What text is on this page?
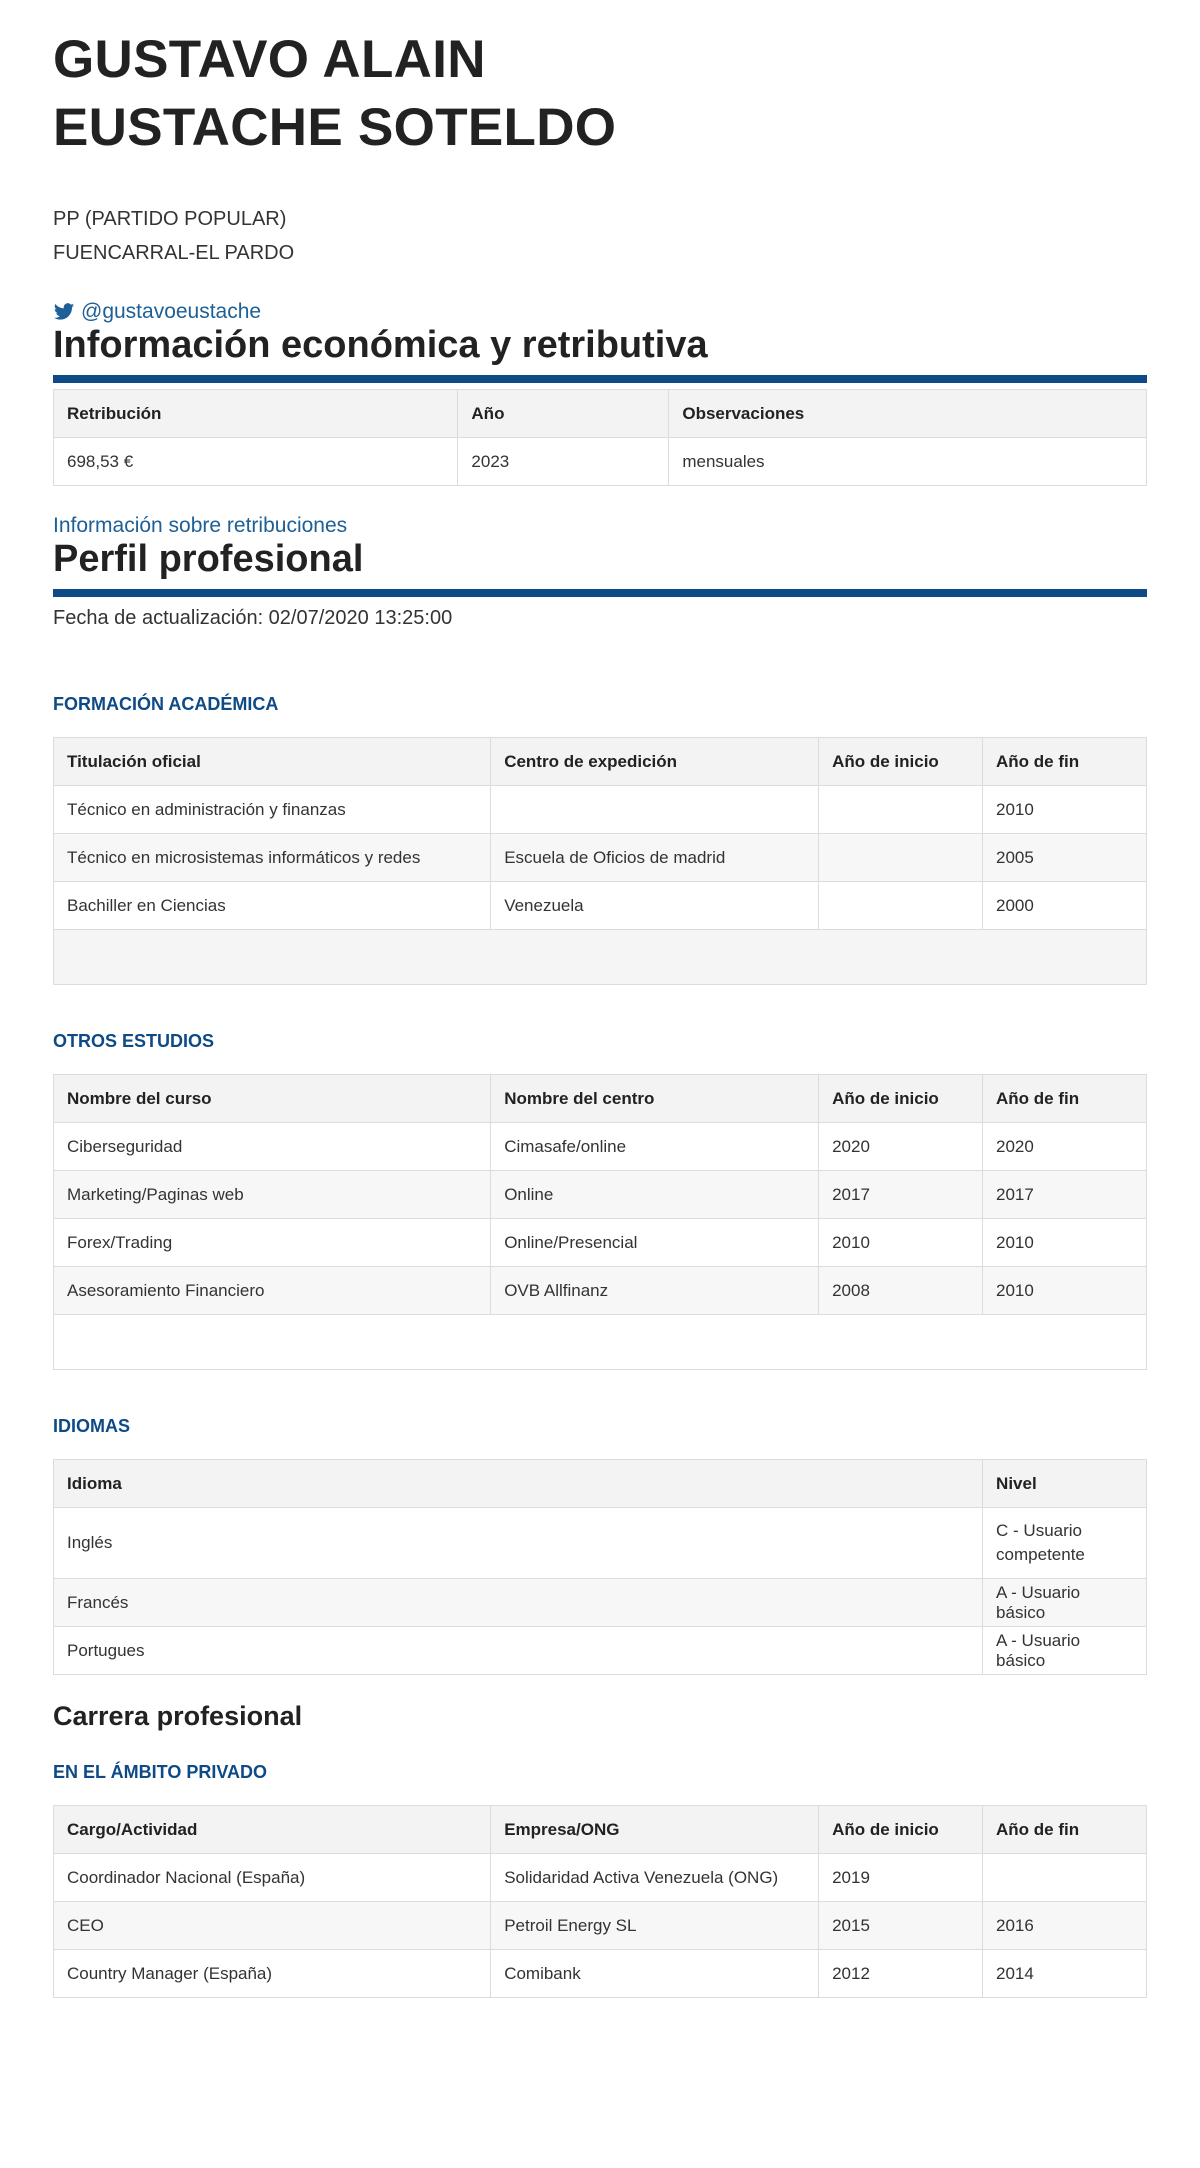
GUSTAVO ALAIN
EUSTACHE SOTELDO
PP (PARTIDO POPULAR)
FUENCARRAL-EL PARDO
@gustavoeustache
Información económica y retributiva
Retribución	Año	Observaciones
698,53 €	2023	mensuales
Información sobre retribuciones
Perfil profesional
Fecha de actualización: 02/07/2020 13:25:00
FORMACIÓN ACADÉMICA
Titulación oficial	Centro de expedición	Año de inicio	Año de fin
Técnico en administración y finanzas			2010
Técnico en microsistemas informáticos y redes	Escuela de Oficios de madrid		2005
Bachiller en Ciencias	Venezuela		2000

OTROS ESTUDIOS
Nombre del curso	Nombre del centro	Año de inicio	Año de fin
Ciberseguridad	Cimasafe/online	2020	2020
Marketing/Paginas web	Online	2017	2017
Forex/Trading	Online/Presencial	2010	2010
Asesoramiento Financiero	OVB Allfinanz	2008	2010

IDIOMAS
Idioma	Nivel
Inglés	C - Usuario competente
Francés	A - Usuario básico
Portugues	A - Usuario básico
Carrera profesional
EN EL ÁMBITO PRIVADO
Cargo/Actividad	Empresa/ONG	Año de inicio	Año de fin
Coordinador Nacional (España)	Solidaridad Activa Venezuela (ONG)	2019	
CEO	Petroil Energy SL	2015	2016
Country Manager (España)	Comibank	2012	2014
